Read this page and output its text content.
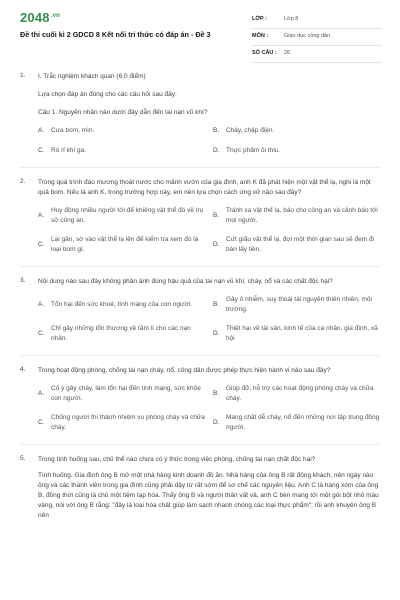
$2048^{.vn}$
Đề thi cuối kì 2 GDCD 8 Kết nối tri thức có đáp án - Đề 3
LỚP :	Lớp 8
MÔN :	Giáo dục công dân
SỐ CÂU : 26
1. I. Trắc nghiệm khách quan (6,0 điểm)
Lựa chọn đáp án đúng cho các câu hỏi sau đây:
Câu 1. Nguyên nhân nào dưới đây dẫn đến tai nạn vũ khí?
A.	Cưa bom, mìn.	B.	Cháy, chập điện.
C.	Rò rỉ khí ga.	D.	Thực phẩm ôi thiu.
2. Trong quá trình đào mương thoát nước cho mảnh vườn của gia đình, anh K đã phát hiện một vật thể lạ, nghi là một quả bom. Nếu là anh K, trong trường hợp này, em nên lựa chọn cách ứng xử nào sau đây?
A.
Huy động nhiều người tới để khiêng vật thể đó về trụ sở công an.
B.
Tránh xa vật thể lạ, báo cho công an và cảnh báo tới mọi người.
C.
Lại gần, sờ vào vật thể lạ lên để kiểm tra xem đó là loại bom gì.
D.
Cứt giấu vật thể lạ, đợi một thời gian sau sẽ đem đi bán lấy tiền.
3. Nội dung nào sau đây không phản ánh đúng hậu quả của tai nạn vũ khí, cháy, nổ và các chất độc hại?
A.	Tổn hại đến sức khoẻ, tính mạng của con người.	B.
Gây ô nhiễm, suy thoái tài nguyên thiên nhiên, môi trường.
C.
Chỉ gây những tổn thương về tâm lí cho các nạn nhân.
D.
Thiệt hại về tài sản, kinh tế của cá nhân, gia đình, xã hội
4. Trong hoạt động phòng, chống tai nạn cháy, nổ, công dân được phép thực hiện hành vi nào sau đây?
A.
Cố ý gây cháy, làm tổn hại đến tính mạng, sức khỏe con người.
B.
Giúp đỡ, hỗ trợ các hoạt động phòng cháy và chữa cháy.
C.
Chống người thi thành nhiệm vụ phòng cháy và chữa cháy.
D.
Mang chất dễ cháy, nổ đến những nơi tập trung đông người.
5. Trong tình huống sau, chủ thể nào chưa có ý thức trong việc phòng, chống tai nạn chất độc hại?
Tình huống. Gia đình ông B mở một nhà hàng kinh doanh đồ ăn. Nhà hàng của ông B rất đông khách, nên ngày nào ông và các thành viên trong gia đình cũng phải dậy từ rất sớm để sơ chế các nguyên liệu. Anh C là hàng xóm của ông B, đồng thời cũng là chủ một tiệm tạp hóa. Thấy ông B và người thân vất vả, anh C bèn mang tới một gói bột nhỏ màu vàng, nói với ông B rằng: "đây là loại hóa chất giúp làm sạch nhanh chóng các loại thực phẩm"; rồi anh khuyên ông B nên
